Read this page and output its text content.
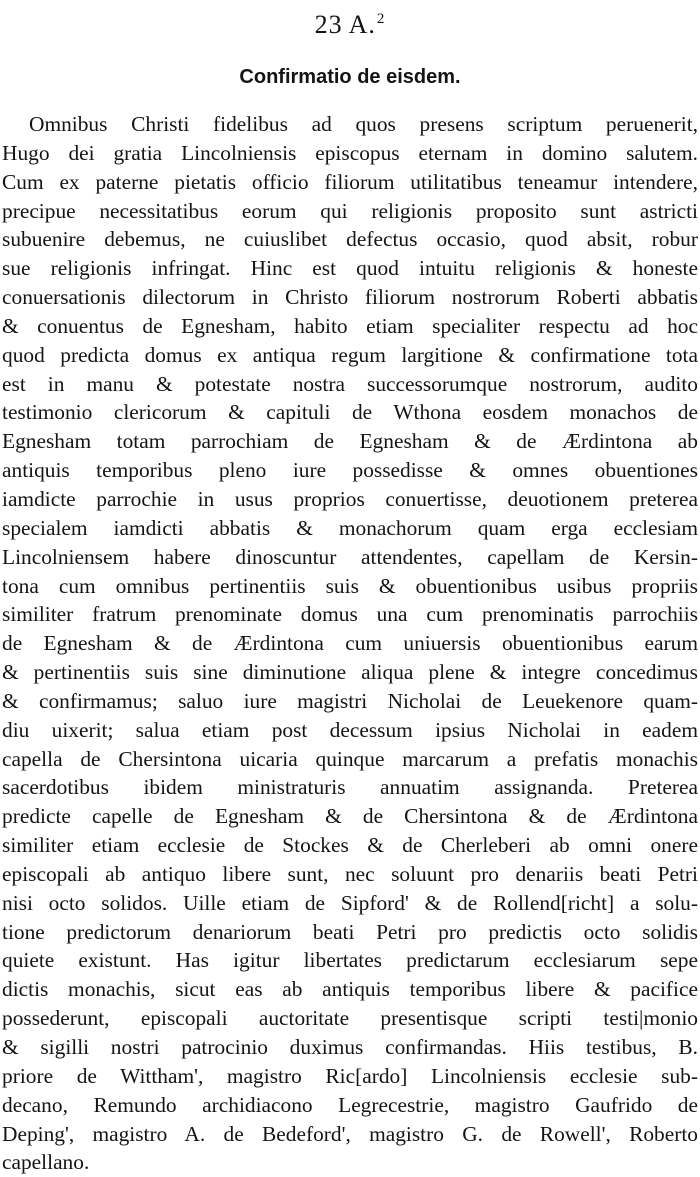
23 A.$^2$
Confirmatio de eisdem.
Omnibus Christi fidelibus ad quos presens scriptum peruenerit,
Hugo dei gratia Lincolniensis episcopus eternam in domino salutem.
Cum ex paterne pietatis officio filiorum utilitatibus teneamur intendere,
precipue necessitatibus eorum qui religionis proposito sunt astricti
subuenire debemus, ne cuiuslibet defectus occasio, quod absit, robur
sue religionis infringat. Hinc est quod intuitu religionis & honeste
conuersationis dilectorum in Christo filiorum nostrorum Roberti abbatis
& conuentus de Egnesham, habito etiam specialiter respectu ad hoc
quod predicta domus ex antiqua regum largitione & confirmatione tota
est in manu & potestate nostra successorumque nostrorum, audito
testimonio clericorum & capituli de Wthona eosdem monachos de
Egnesham totam parrochiam de Egnesham & de Ærdintona ab
antiquis temporibus pleno iure possedisse & omnes obuentiones
iamdicte parrochie in usus proprios conuertisse, deuotionem preterea
specialem iamdicti abbatis & monachorum quam erga ecclesiam
Lincolniensem habere dinoscuntur attendentes, capellam de Kersin-
tona cum omnibus pertinentiis suis & obuentionibus usibus propriis
similiter fratrum prenominate domus una cum prenominatis parrochiis
de Egnesham & de Ærdintona cum uniuersis obuentionibus earum
& pertinentiis suis sine diminutione aliqua plene & integre concedimus
& confirmamus; saluo iure magistri Nicholai de Leuekenore quam-
diu uixerit; salua etiam post decessum ipsius Nicholai in eadem
capella de Chersintona uicaria quinque marcarum a prefatis monachis
sacerdotibus ibidem ministraturis annuatim assignanda. Preterea
predicte capelle de Egnesham & de Chersintona & de Ærdintona
similiter etiam ecclesie de Stockes & de Cherleberi ab omni onere
episcopali ab antiquo libere sunt, nec soluunt pro denariis beati Petri
nisi octo solidos. Uille etiam de Sipford' & de Rollend[richt] a solu-
tione predictorum denariorum beati Petri pro predictis octo solidis
quiete existunt. Has igitur libertates predictarum ecclesiarum sepe
dictis monachis, sicut eas ab antiquis temporibus libere & pacifice
possederunt, episcopali auctoritate presentisque scripti testi|monio
& sigilli nostri patrocinio duximus confirmandas. Hiis testibus, B.
priore de Wittham', magistro Ric[ardo] Lincolniensis ecclesie sub-
decano, Remundo archidiacono Legrecestrie, magistro Gaufrido de
Deping', magistro A. de Bedeford', magistro G. de Rowell', Roberto
capellano.
